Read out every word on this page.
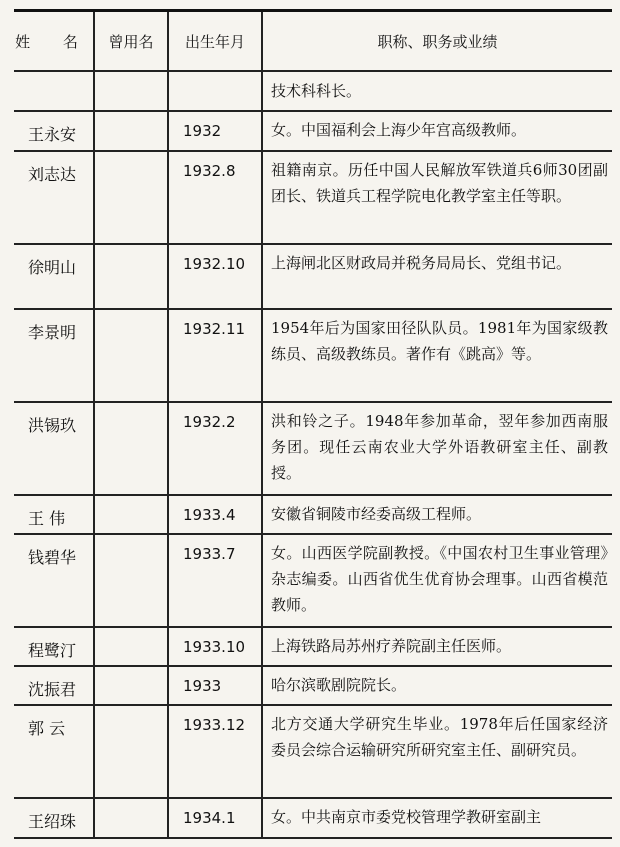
姓 名	曾用名	出生年月	职称、职务或业绩
			技术科科长。
王永安		1932	女。中国福利会上海少年宫高级教师。
刘志达		1932.8	祖籍南京。历任中国人民解放军铁道兵6师30团副团长、铁道兵工程学院电化教学室主任等职。
徐明山		1932.10	上海闸北区财政局并税务局局长、党组书记。
李景明		1932.11	1954年后为国家田径队队员。1981年为国家级教练员、高级教练员。著作有《跳高》等。
洪锡玖		1932.2	洪和铃之子。1948年参加革命，翌年参加西南服务团。现任云南农业大学外语教研室主任、副教授。
王 伟		1933.4	安徽省铜陵市经委高级工程师。
钱碧华		1933.7	女。山西医学院副教授。《中国农村卫生事业管理》杂志编委。山西省优生优育协会理事。山西省模范教师。
程鹭汀		1933.10	上海铁路局苏州疗养院副主任医师。
沈振君		1933	哈尔滨歌剧院院长。
郭 云		1933.12	北方交通大学研究生毕业。1978年后任国家经济委员会综合运输研究所研究室主任、副研究员。
王绍珠		1934.1	女。中共南京市委党校管理学教研室副主
